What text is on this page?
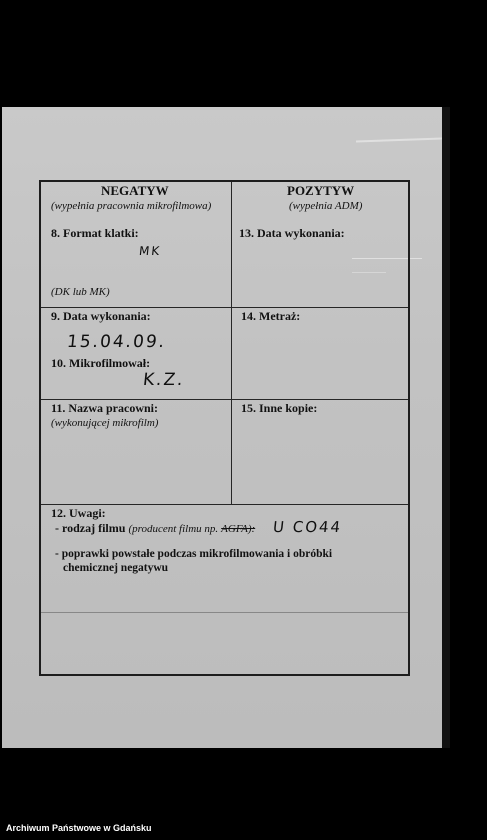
NEGATYW
(wypełnia pracownia mikrofilmowa)
POZYTYW
(wypełnia ADM)
8. Format klatki:
MK
(DK lub MK)
13. Data wykonania:
9. Data wykonania:
15.04.09.
10. Mikrofilmował:
K.Z.
14. Metraż:
11. Nazwa pracowni:
(wykonującej mikrofilm)
15. Inne kopie:
12. Uwagi:
- rodzaj filmu (producent filmu np. AGFA): U CO44
- poprawki powstałe podczas mikrofilmowania i obróbki
chemicznej negatywu
Archiwum Państwowe w Gdańsku
